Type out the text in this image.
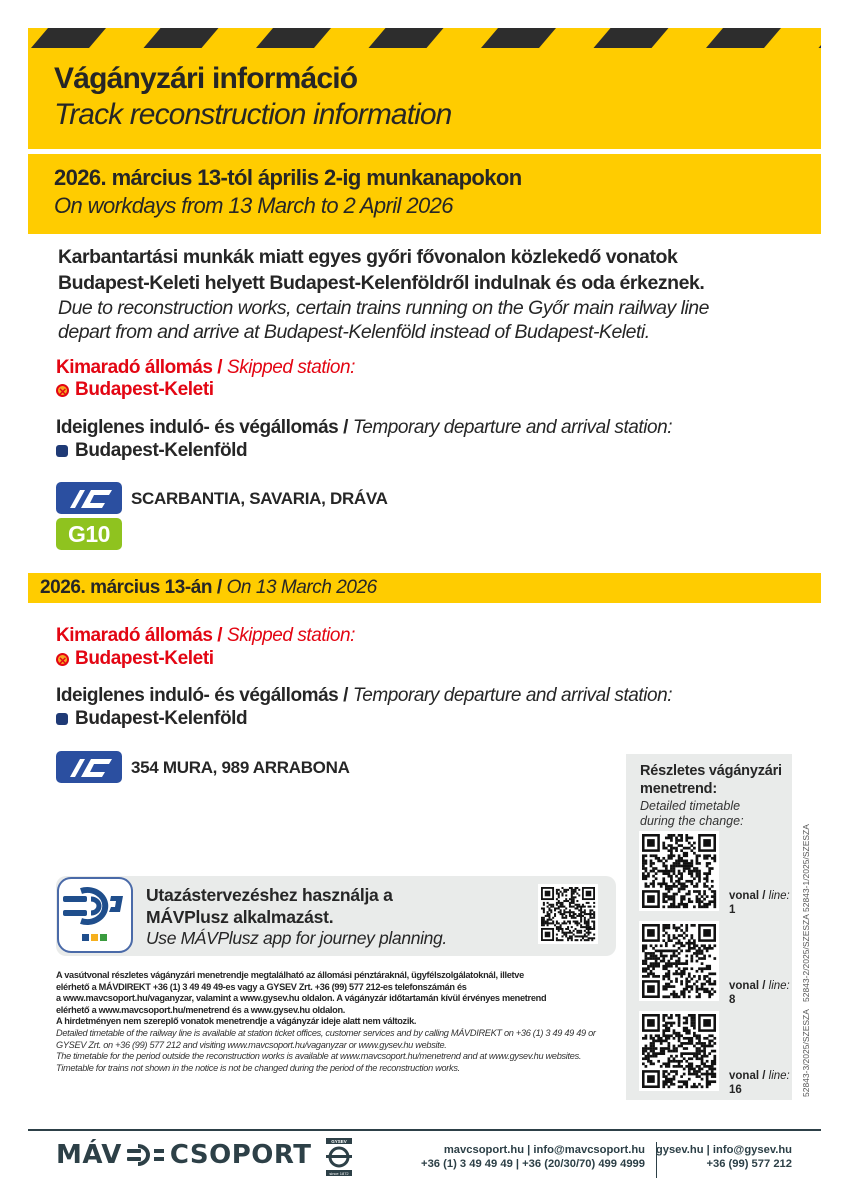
Vágányzári információ
Track reconstruction information
2026. március 13-tól április 2-ig munkanapokon
On workdays from 13 March to 2 April 2026
Karbantartási munkák miatt egyes győri fővonalon közlekedő vonatok
Budapest-Keleti helyett Budapest-Kelenföldről indulnak és oda érkeznek.
Due to reconstruction works, certain trains running on the Győr main railway line
depart from and arrive at Budapest-Kelenföld instead of Budapest-Keleti.
Kimaradó állomás / Skipped station:
×
Budapest-Keleti
Ideiglenes induló- és végállomás / Temporary departure and arrival station:
Budapest-Kelenföld
SCARBANTIA, SAVARIA, DRÁVA
G10
2026. március 13-án / On 13 March 2026
Kimaradó állomás / Skipped station:
×
Budapest-Keleti
Ideiglenes induló- és végállomás / Temporary departure and arrival station:
Budapest-Kelenföld
354 MURA, 989 ARRABONA	Részletes vágányzári
menetrend:
Detailed timetable
during the change:
vonal / line:
1
vonal / line:
8
vonal / line:
16
52843-1/2025/SZESZA
52843-2/2025/SZESZA
52843-3/2025/SZESZA
Utazástervezéshez használja a
MÁVPlusz alkalmazást.
Use MÁVPlusz app for journey planning.
A vasútvonal részletes vágányzári menetrendje megtalálható az állomási pénztáraknál, ügyfélszolgálatoknál, illetve
elérhető a MÁVDIREKT +36 (1) 3 49 49 49-es vagy a GYSEV Zrt. +36 (99) 577 212-es telefonszámán és
a www.mavcsoport.hu/vaganyzar, valamint a www.gysev.hu oldalon. A vágányzár időtartamán kívül érvényes menetrend
elérhető a www.mavcsoport.hu/menetrend és a www.gysev.hu oldalon.
A hirdetményen nem szereplő vonatok menetrendje a vágányzár ideje alatt nem változik.
Detailed timetable of the railway line is available at station ticket offices, customer services and by calling MÁVDIREKT on +36 (1) 3 49 49 49 or
GYSEV Zrt. on +36 (99) 577 212 and visiting www.mavcsoport.hu/vaganyzar or www.gysev.hu website.
The timetable for the period outside the reconstruction works is available at www.mavcsoport.hu/menetrend and at www.gysev.hu websites.
Timetable for trains not shown in the notice is not be changed during the period of the reconstruction works.
MÁV CSOPORT	GYSEV
since 1872
mavcsoport.hu | info@mavcsoport.hu
+36 (1) 3 49 49 49 | +36 (20/30/70) 499 4999
gysev.hu | info@gysev.hu
+36 (99) 577 212
